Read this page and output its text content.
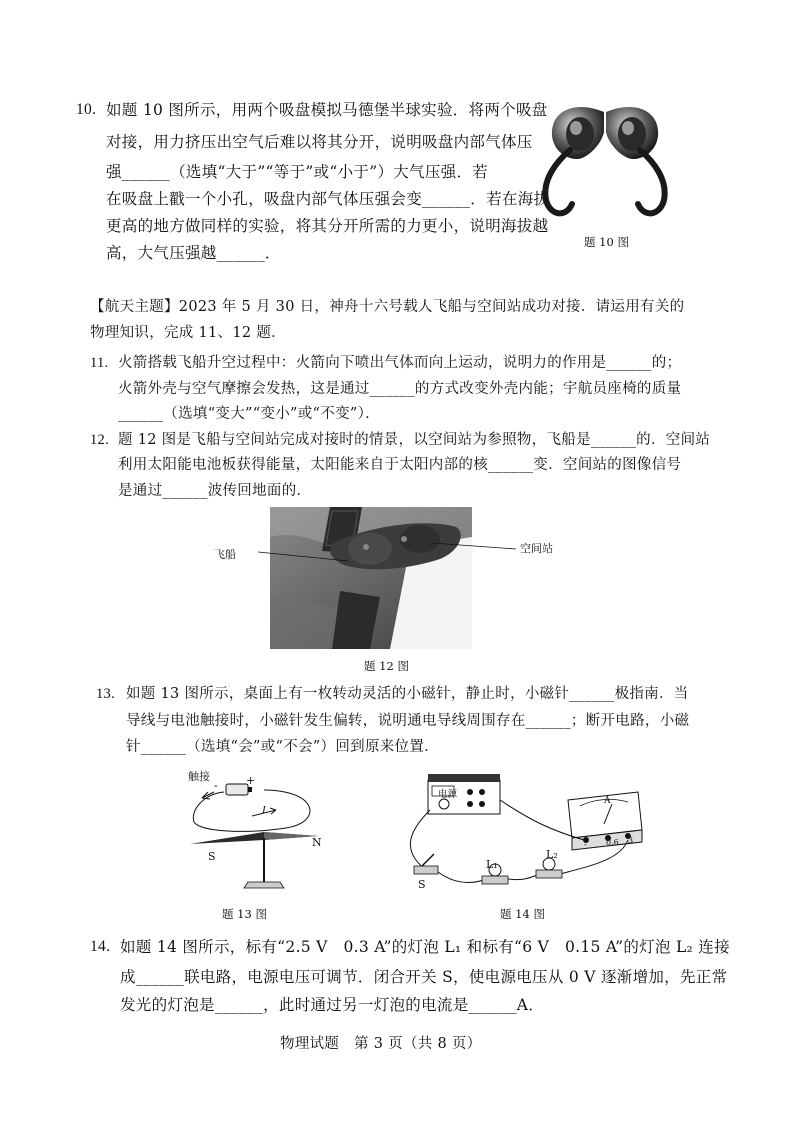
10. 如题 10 图所示，用两个吸盘模拟马德堡半球实验．将两个吸盘
对接，用力挤压出空气后难以将其分开，说明吸盘内部气体压
强______（选填“大于”“等于”或“小于”）大气压强．若
在吸盘上戳一个小孔，吸盘内部气体压强会变______．若在海拔
更高的地方做同样的实验，将其分开所需的力更小，说明海拔越
高，大气压强越______．
题 10 图
【航天主题】2023 年 5 月 30 日，神舟十六号载人飞船与空间站成功对接．请运用有关的
物理知识，完成 11、12 题．
11. 火箭搭载飞船升空过程中：火箭向下喷出气体而向上运动，说明力的作用是______的；
火箭外壳与空气摩擦会发热，这是通过______的方式改变外壳内能；宇航员座椅的质量
______（选填“变大”“变小”或“不变”）．
12. 题 12 图是飞船与空间站完成对接时的情景，以空间站为参照物，飞船是______的．空间站
利用太阳能电池板获得能量，太阳能来自于太阳内部的核______变．空间站的图像信号
是通过______波传回地面的．
飞船	空间站
题 12 图
13. 如题 13 图所示，桌面上有一枚转动灵活的小磁针，静止时，小磁针______极指南．当
导线与电池触接时，小磁针发生偏转，说明通电导线周围存在______；断开电路，小磁
针______（选填“会”或“不会”）回到原来位置．
触接
-	+
I
S
N
题 13 图
电源
S
L₁
L₂
A
- 0.6 3
题 14 图
14. 如题 14 图所示，标有“2.5 V　0.3 A”的灯泡 L₁ 和标有“6 V　0.15 A”的灯泡 L₂ 连接
成______联电路，电源电压可调节．闭合开关 S，使电源电压从 0 V 逐渐增加，先正常
发光的灯泡是______，此时通过另一灯泡的电流是______A．
物理试题　第 3 页（共 8 页）
